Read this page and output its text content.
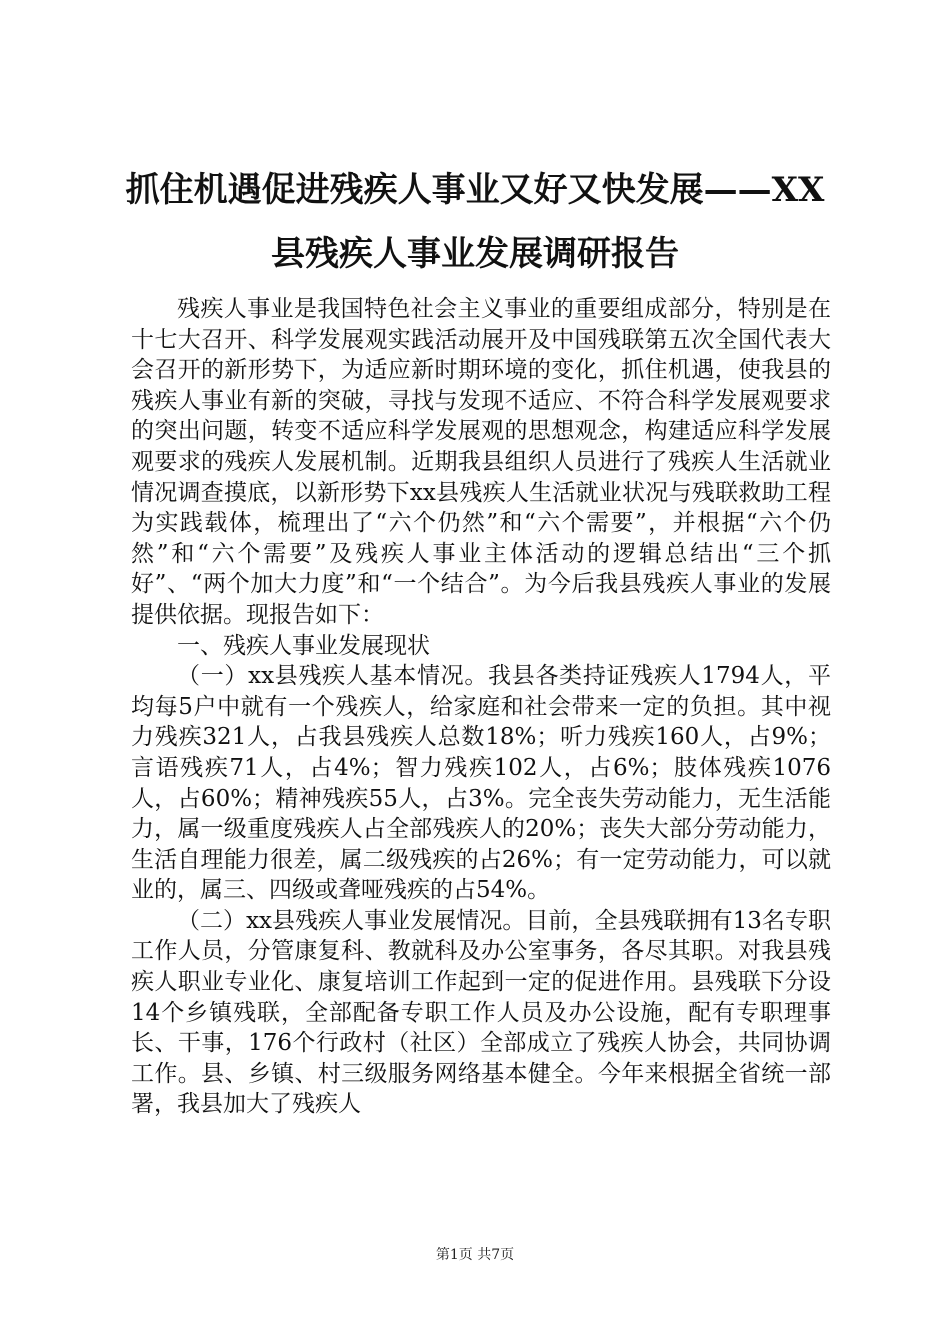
抓住机遇促进残疾人事业又好又快发展——XX
县残疾人事业发展调研报告

残疾人事业是我国特色社会主义事业的重要组成部分，特别是在十七大召开、科学发展观实践活动展开及中国残联第五次全国代表大会召开的新形势下，为适应新时期环境的变化，抓住机遇，使我县的残疾人事业有新的突破，寻找与发现不适应、不符合科学发展观要求的突出问题，转变不适应科学发展观的思想观念，构建适应科学发展观要求的残疾人发展机制。近期我县组织人员进行了残疾人生活就业情况调查摸底，以新形势下xx县残疾人生活就业状况与残联救助工程为实践载体，梳理出了“六个仍然”和“六个需要”，并根据“六个仍然”和“六个需要”及残疾人事业主体活动的逻辑总结出“三个抓好”、“两个加大力度”和“一个结合”。为今后我县残疾人事业的发展提供依据。现报告如下：

一、残疾人事业发展现状

（一）xx县残疾人基本情况。我县各类持证残疾人1794人，平均每5户中就有一个残疾人，给家庭和社会带来一定的负担。其中视力残疾321人，占我县残疾人总数18%；听力残疾160人，占9%；言语残疾71人，占4%；智力残疾102人，占6%；肢体残疾1076人，占60%；精神残疾55人，占3%。完全丧失劳动能力，无生活能力，属一级重度残疾人占全部残疾人的20%；丧失大部分劳动能力，生活自理能力很差，属二级残疾的占26%；有一定劳动能力，可以就业的，属三、四级或聋哑残疾的占54%。

（二）xx县残疾人事业发展情况。目前，全县残联拥有13名专职工作人员，分管康复科、教就科及办公室事务，各尽其职。对我县残疾人职业专业化、康复培训工作起到一定的促进作用。县残联下分设14个乡镇残联，全部配备专职工作人员及办公设施，配有专职理事长、干事，176个行政村（社区）全部成立了残疾人协会，共同协调工作。县、乡镇、村三级服务网络基本健全。今年来根据全省统一部署，我县加大了残疾人

第1页 共7页
